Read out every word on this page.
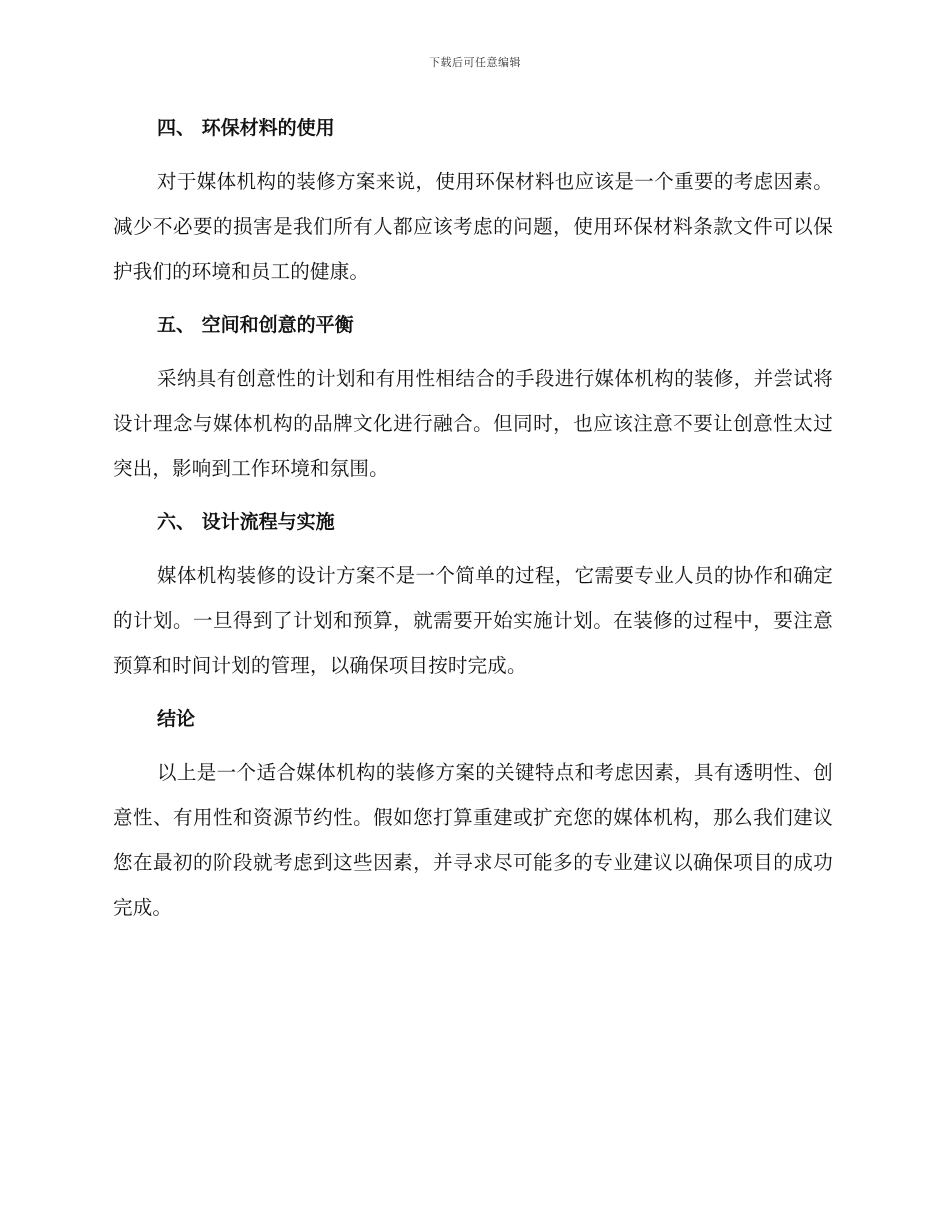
下载后可任意编辑
四、 环保材料的使用

对于媒体机构的装修方案来说，使用环保材料也应该是一个重要的考虑因素。减少不必要的损害是我们所有人都应该考虑的问题，使用环保材料条款文件可以保护我们的环境和员工的健康。

五、 空间和创意的平衡

采纳具有创意性的计划和有用性相结合的手段进行媒体机构的装修，并尝试将设计理念与媒体机构的品牌文化进行融合。但同时，也应该注意不要让创意性太过突出，影响到工作环境和氛围。

六、 设计流程与实施

媒体机构装修的设计方案不是一个简单的过程，它需要专业人员的协作和确定的计划。一旦得到了计划和预算，就需要开始实施计划。在装修的过程中，要注意预算和时间计划的管理，以确保项目按时完成。

结论

以上是一个适合媒体机构的装修方案的关键特点和考虑因素，具有透明性、创意性、有用性和资源节约性。假如您打算重建或扩充您的媒体机构，那么我们建议您在最初的阶段就考虑到这些因素，并寻求尽可能多的专业建议以确保项目的成功完成。
